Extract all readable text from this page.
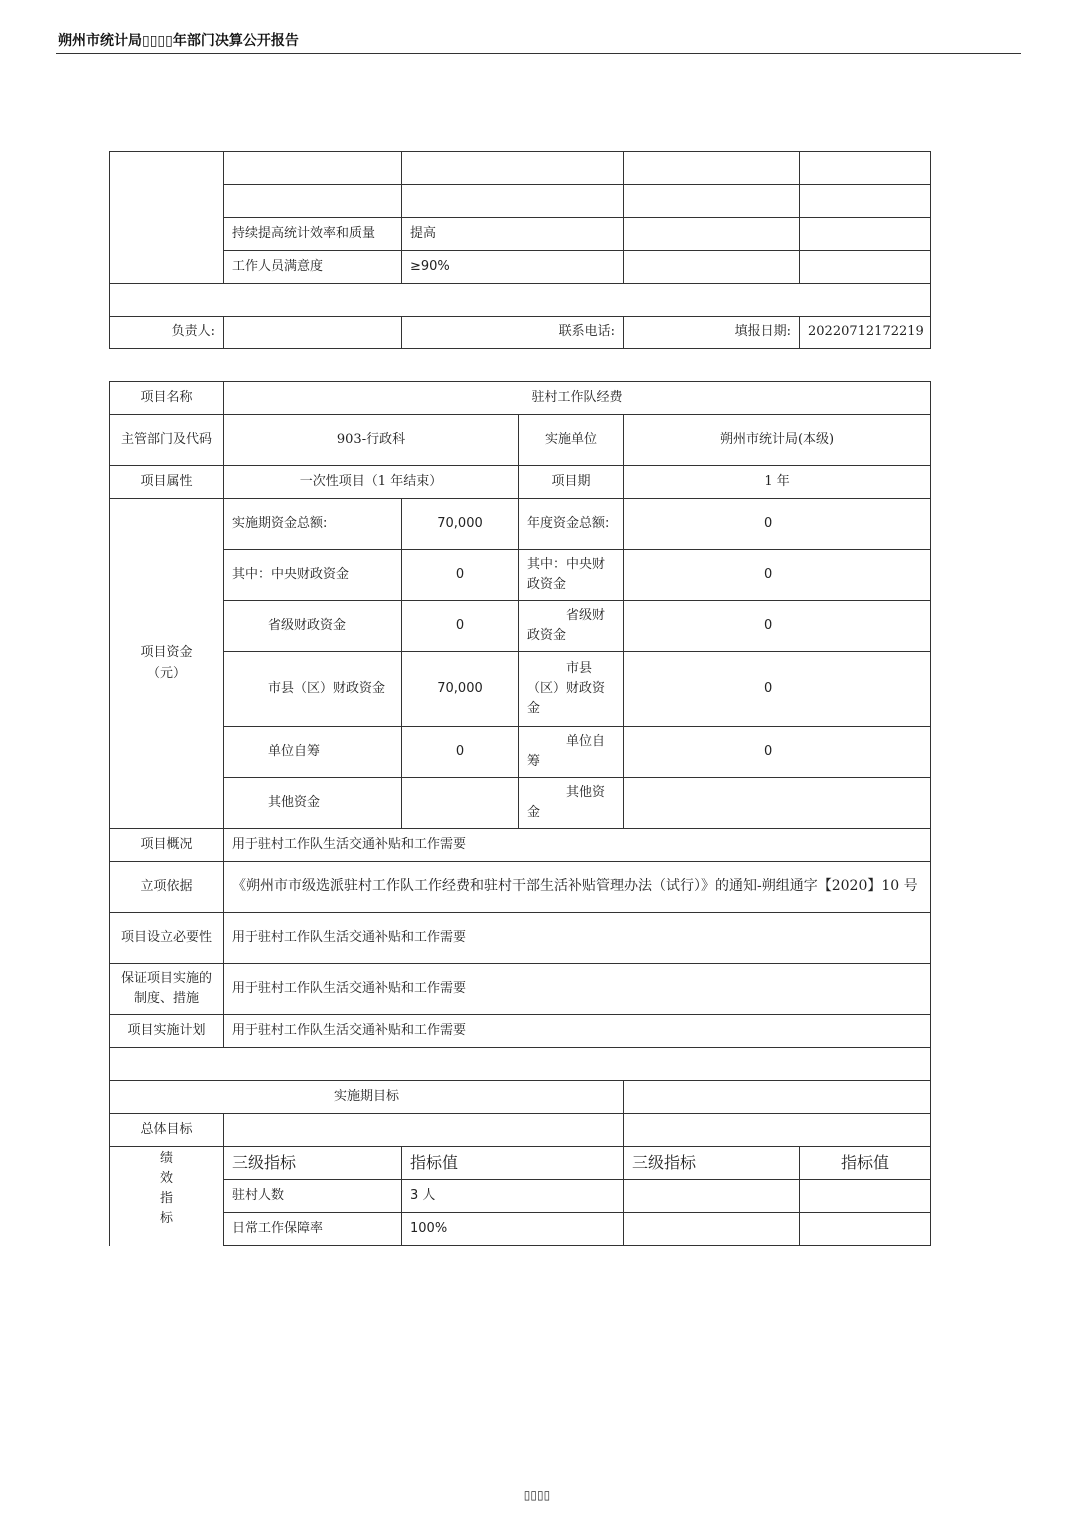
朔州市统计局▯▯▯▯年部门决算公开报告

	持续提高统计效率和质量	提高		
	工作人员满意度	≥90%		

负责人:		联系电话:	填报日期:	20220712172219
项目名称	驻村工作队经费				
主管部门及代码	903-行政科		实施单位	朔州市统计局(本级)	
项目属性	一次性项目（1 年结束）		项目期	1 年	
项目资金
（元）	实施期资金总额:	70,000	年度资金总额:	0	
	其中：中央财政资金	0	其中：中央财政资金	0	
	省级财政资金	0	省级财政资金	0	
	市县（区）财政资金	70,000	市县（区）财政资金	0	
	单位自筹	0	单位自筹	0	
	其他资金		其他资金		
项目概况	用于驻村工作队生活交通补贴和工作需要				
立项依据	《朔州市市级选派驻村工作队工作经费和驻村干部生活补贴管理办法（试行）》的通知-朔组通字【2020】10 号				
项目设立必要性	用于驻村工作队生活交通补贴和工作需要				
保证项目实施的制度、措施	用于驻村工作队生活交通补贴和工作需要				
项目实施计划	用于驻村工作队生活交通补贴和工作需要				

实施期目标					
总体目标					
绩
效
指
标	三级指标	指标值		三级指标	指标值
	驻村人数	3 人			
	日常工作保障率	100%			
▯▯▯▯
